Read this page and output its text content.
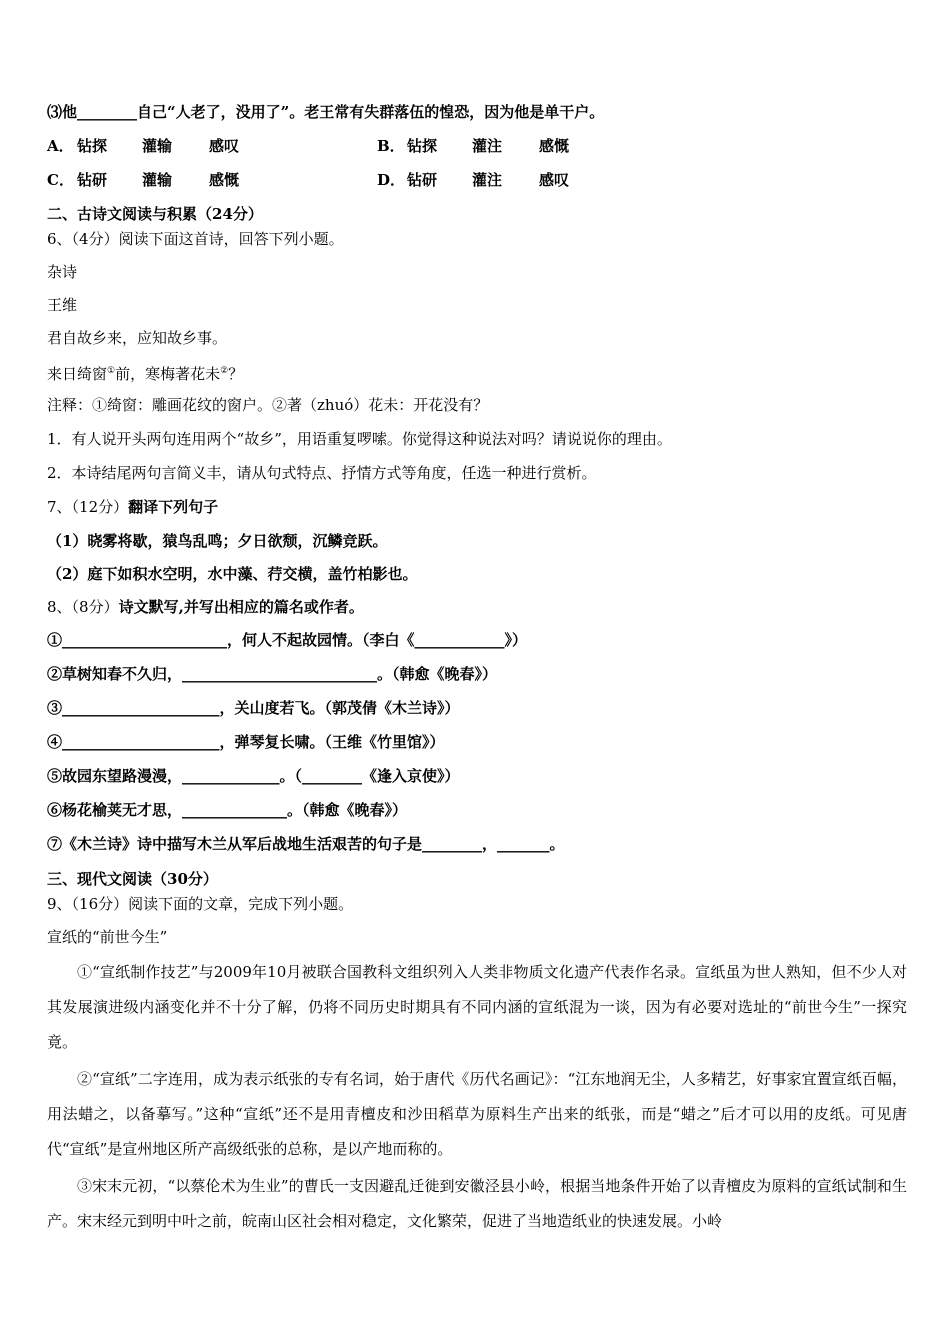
⑶他________自己“人老了，没用了”。老王常有失群落伍的惶恐，因为他是单干户。
A． 钻探 灌输 感叹	B． 钻探 灌注 感慨
C． 钻研 灌输 感慨	D． 钻研 灌注 感叹
二、古诗文阅读与积累（24分）
6、（4分）阅读下面这首诗，回答下列小题。
杂诗
王维
君自故乡来，应知故乡事。
来日绮窗①前，寒梅著花未②？
注释：①绮窗：雕画花纹的窗户。②著（zhuó）花未：开花没有？
1．有人说开头两句连用两个“故乡”，用语重复啰嗦。你觉得这种说法对吗？请说说你的理由。
2．本诗结尾两句言简义丰，请从句式特点、抒情方式等角度，任选一种进行赏析。
7、（12分）翻译下列句子
（1）晓雾将歇，猿鸟乱鸣；夕日欲颓，沉鳞竞跃。
（2）庭下如积水空明，水中藻、荇交横，盖竹柏影也。
8、（8分）诗文默写,并写出相应的篇名或作者。
①______________________，何人不起故园情。（李白《____________》）
②草树知春不久归，__________________________。（韩愈《晚春》）
③_____________________，关山度若飞。（郭茂倩《木兰诗》）
④_____________________，弹琴复长啸。（王维《竹里馆》）
⑤故园东望路漫漫，_____________。（________《逢入京使》）
⑥杨花榆荚无才思，______________。（韩愈《晚春》）
⑦《木兰诗》诗中描写木兰从军后战地生活艰苦的句子是________，_______。
三、现代文阅读（30分）
9、（16分）阅读下面的文章，完成下列小题。
宣纸的“前世今生”
①“宣纸制作技艺”与2009年10月被联合国教科文组织列入人类非物质文化遗产代表作名录。宣纸虽为世人熟知，但不少人对其发展演进级内涵变化并不十分了解，仍将不同历史时期具有不同内涵的宣纸混为一谈，因为有必要对选址的“前世今生”一探究竟。
②“宣纸”二字连用，成为表示纸张的专有名词，始于唐代《历代名画记》：“江东地润无尘，人多精艺，好事家宜置宣纸百幅，用法蜡之，以备摹写。”这种“宣纸”还不是用青檀皮和沙田稻草为原料生产出来的纸张，而是“蜡之”后才可以用的皮纸。可见唐代“宣纸”是宣州地区所产高级纸张的总称，是以产地而称的。
③宋末元初，“以蔡伦术为生业”的曹氏一支因避乱迁徙到安徽泾县小岭，根据当地条件开始了以青檀皮为原料的宣纸试制和生产。宋末经元到明中叶之前，皖南山区社会相对稳定，文化繁荣，促进了当地造纸业的快速发展。小岭
